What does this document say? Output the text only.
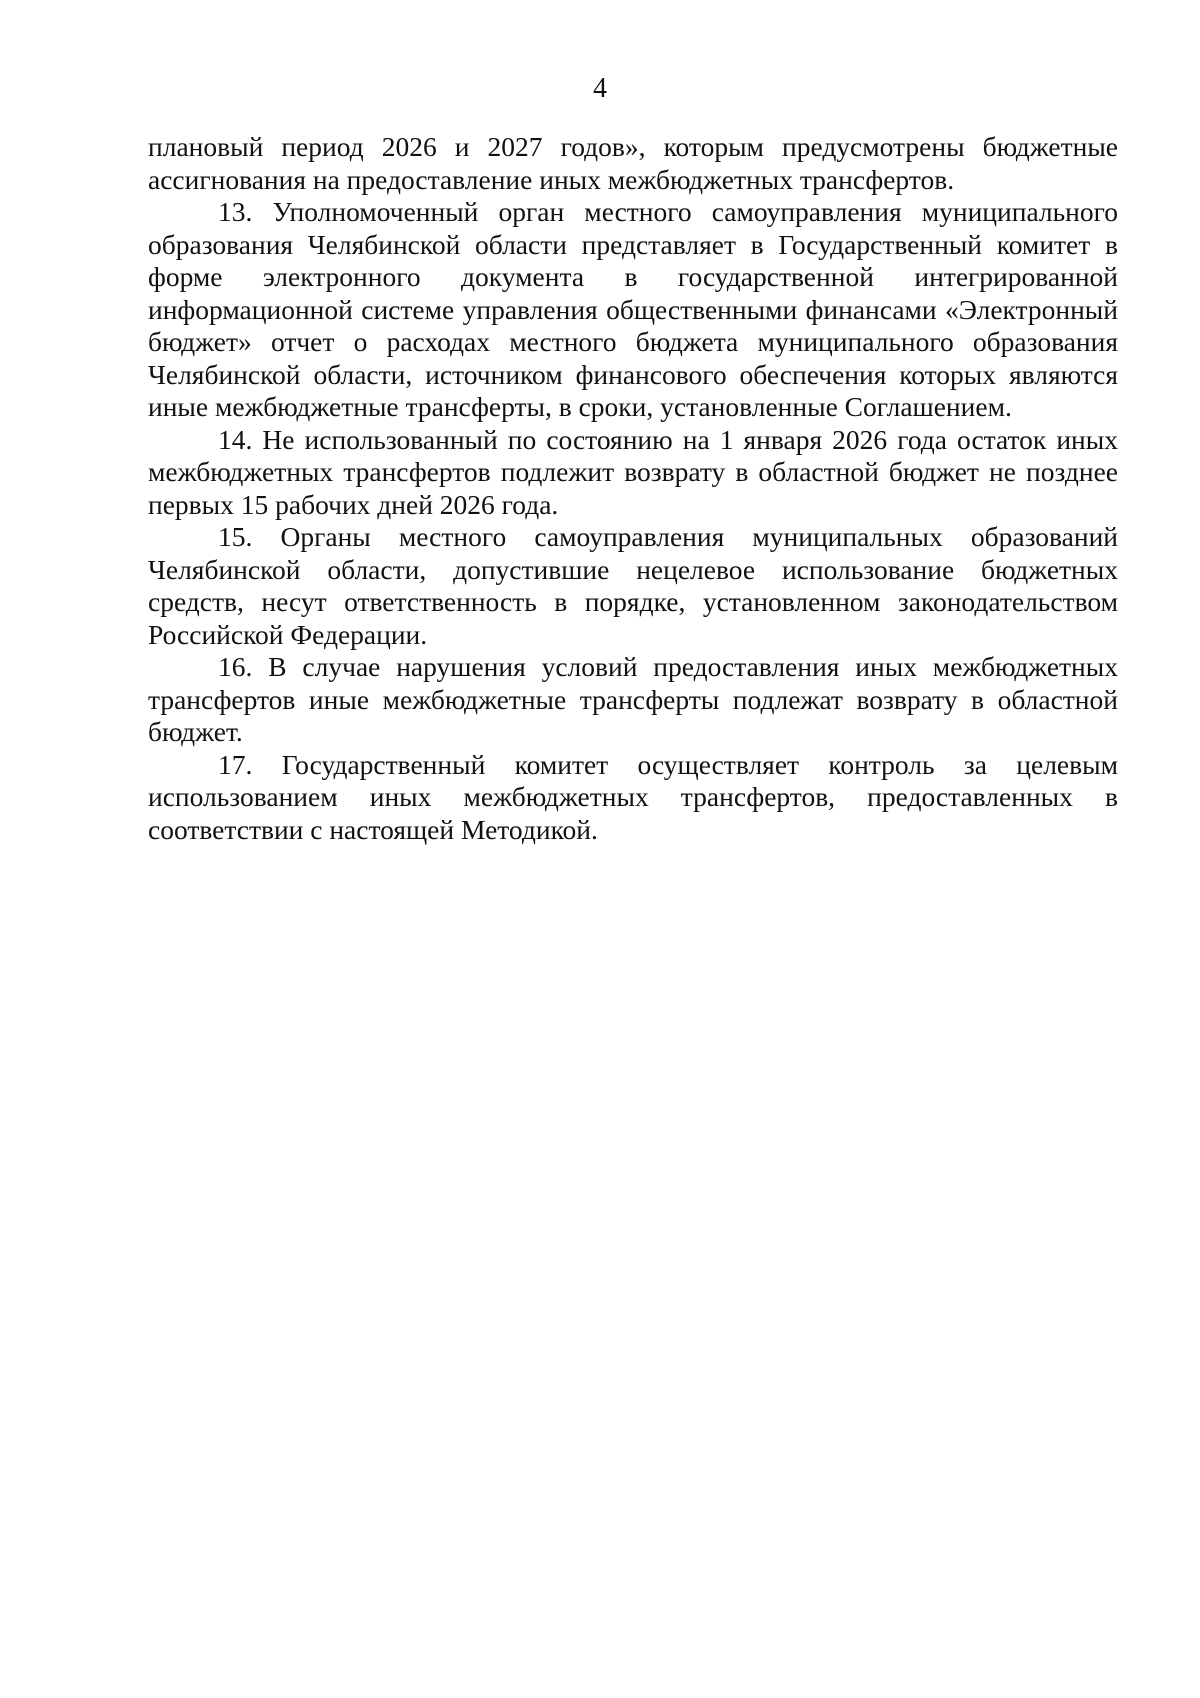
4

плановый период 2026 и 2027 годов», которым предусмотрены бюджетные ассигнования на предоставление иных межбюджетных трансфертов.

13. Уполномоченный орган местного самоуправления муниципального образования Челябинской области представляет в Государственный комитет в форме электронного документа в государственной интегрированной информационной системе управления общественными финансами «Электронный бюджет» отчет о расходах местного бюджета муниципального образования Челябинской области, источником финансового обеспечения которых являются иные межбюджетные трансферты, в сроки, установленные Соглашением.

14. Не использованный по состоянию на 1 января 2026 года остаток иных межбюджетных трансфертов подлежит возврату в областной бюджет не позднее первых 15 рабочих дней 2026 года.

15. Органы местного самоуправления муниципальных образований Челябинской области, допустившие нецелевое использование бюджетных средств, несут ответственность в порядке, установленном законодательством Российской Федерации.

16. В случае нарушения условий предоставления иных межбюджетных трансфертов иные межбюджетные трансферты подлежат возврату в областной бюджет.

17. Государственный комитет осуществляет контроль за целевым использованием иных межбюджетных трансфертов, предоставленных в соответствии с настоящей Методикой.
